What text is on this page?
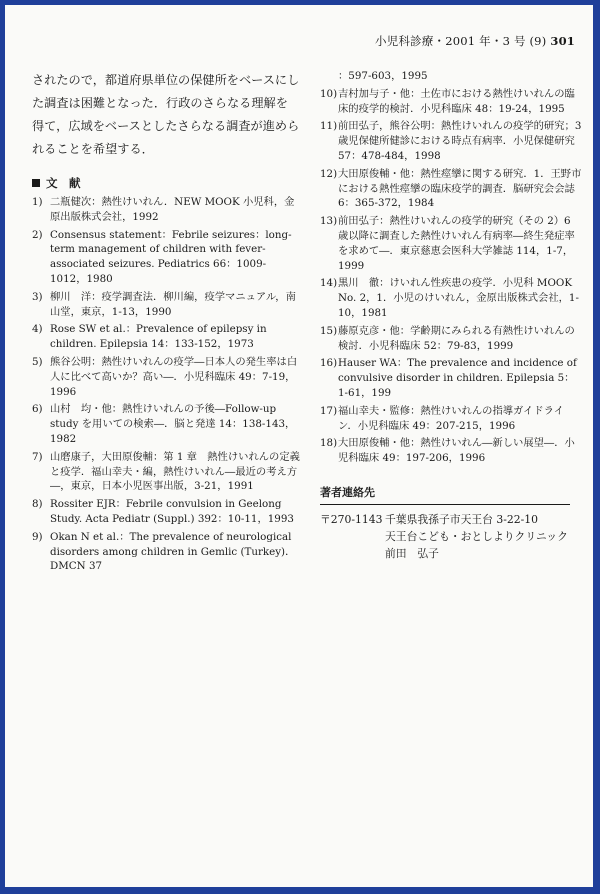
小児科診療・2001 年・3 号 (9) 301

されたので，都道府県単位の保健所をベースにした調査は困難となった．行政のさらなる理解を得て，広域をベースとしたさらなる調査が進められることを希望する．

文　献
1) 二瓶健次：熱性けいれん．NEW MOOK 小児科，金原出版株式会社，1992
2) Consensus statement：Febrile seizures：long-term management of children with fever-associated seizures. Pediatrics 66：1009-1012，1980
3) 柳川　洋：疫学調査法．柳川編，疫学マニュアル，南山堂，東京，1-13，1990
4) Rose SW et al.：Prevalence of epilepsy in children. Epilepsia 14：133-152，1973
5) 熊谷公明：熱性けいれんの疫学―日本人の発生率は白人に比べて高いか？高い―．小児科臨床 49：7-19，1996
6) 山村　均・他：熱性けいれんの予後―Follow-up study を用いての検索―．脳と発達 14：138-143，1982
7) 山磨康子，大田原俊輔：第 1 章　熱性けいれんの定義と疫学．福山幸夫・編，熱性けいれん―最近の考え方―，東京，日本小児医事出版，3-21，1991
8) Rossiter EJR：Febrile convulsion in Geelong Study. Acta Pediatr (Suppl.) 392：10-11，1993
9) Okan N et al.：The prevalence of neurological disorders among children in Gemlic (Turkey)．DMCN 37
：597-603，1995
10) 吉村加与子・他：土佐市における熱性けいれんの臨床的疫学的検討．小児科臨床 48：19-24，1995
11) 前田弘子，熊谷公明：熱性けいれんの疫学的研究；3 歳児保健所健診における時点有病率．小児保健研究 57：478-484，1998
12) 大田原俊輔・他：熱性痙攣に関する研究．1．王野市における熱性痙攣の臨床疫学的調査．脳研究会会誌 6：365-372，1984
13) 前田弘子：熱性けいれんの疫学的研究（その 2）6 歳以降に調査した熱性けいれん有病率―終生発症率を求めて―．東京慈恵会医科大学雑誌 114，1-7，1999
14) 黒川　徹：けいれん性疾患の疫学．小児科 MOOK No. 2，1．小児のけいれん，金原出版株式会社，1-10，1981
15) 藤原克彦・他：学齢期にみられる有熱性けいれんの検討．小児科臨床 52：79-83，1999
16) Hauser WA：The prevalence and incidence of convulsive disorder in children. Epilepsia 5：1-61，199
17) 福山幸夫・監修：熱性けいれんの指導ガイドライン．小児科臨床 49：207-215，1996
18) 大田原俊輔・他：熱性けいれん―新しい展望―．小児科臨床 49：197-206，1996
著者連絡先
〒270-1143 千葉県我孫子市天王台 3-22-10
天王台こども・おとしよりクリニック
前田　弘子
